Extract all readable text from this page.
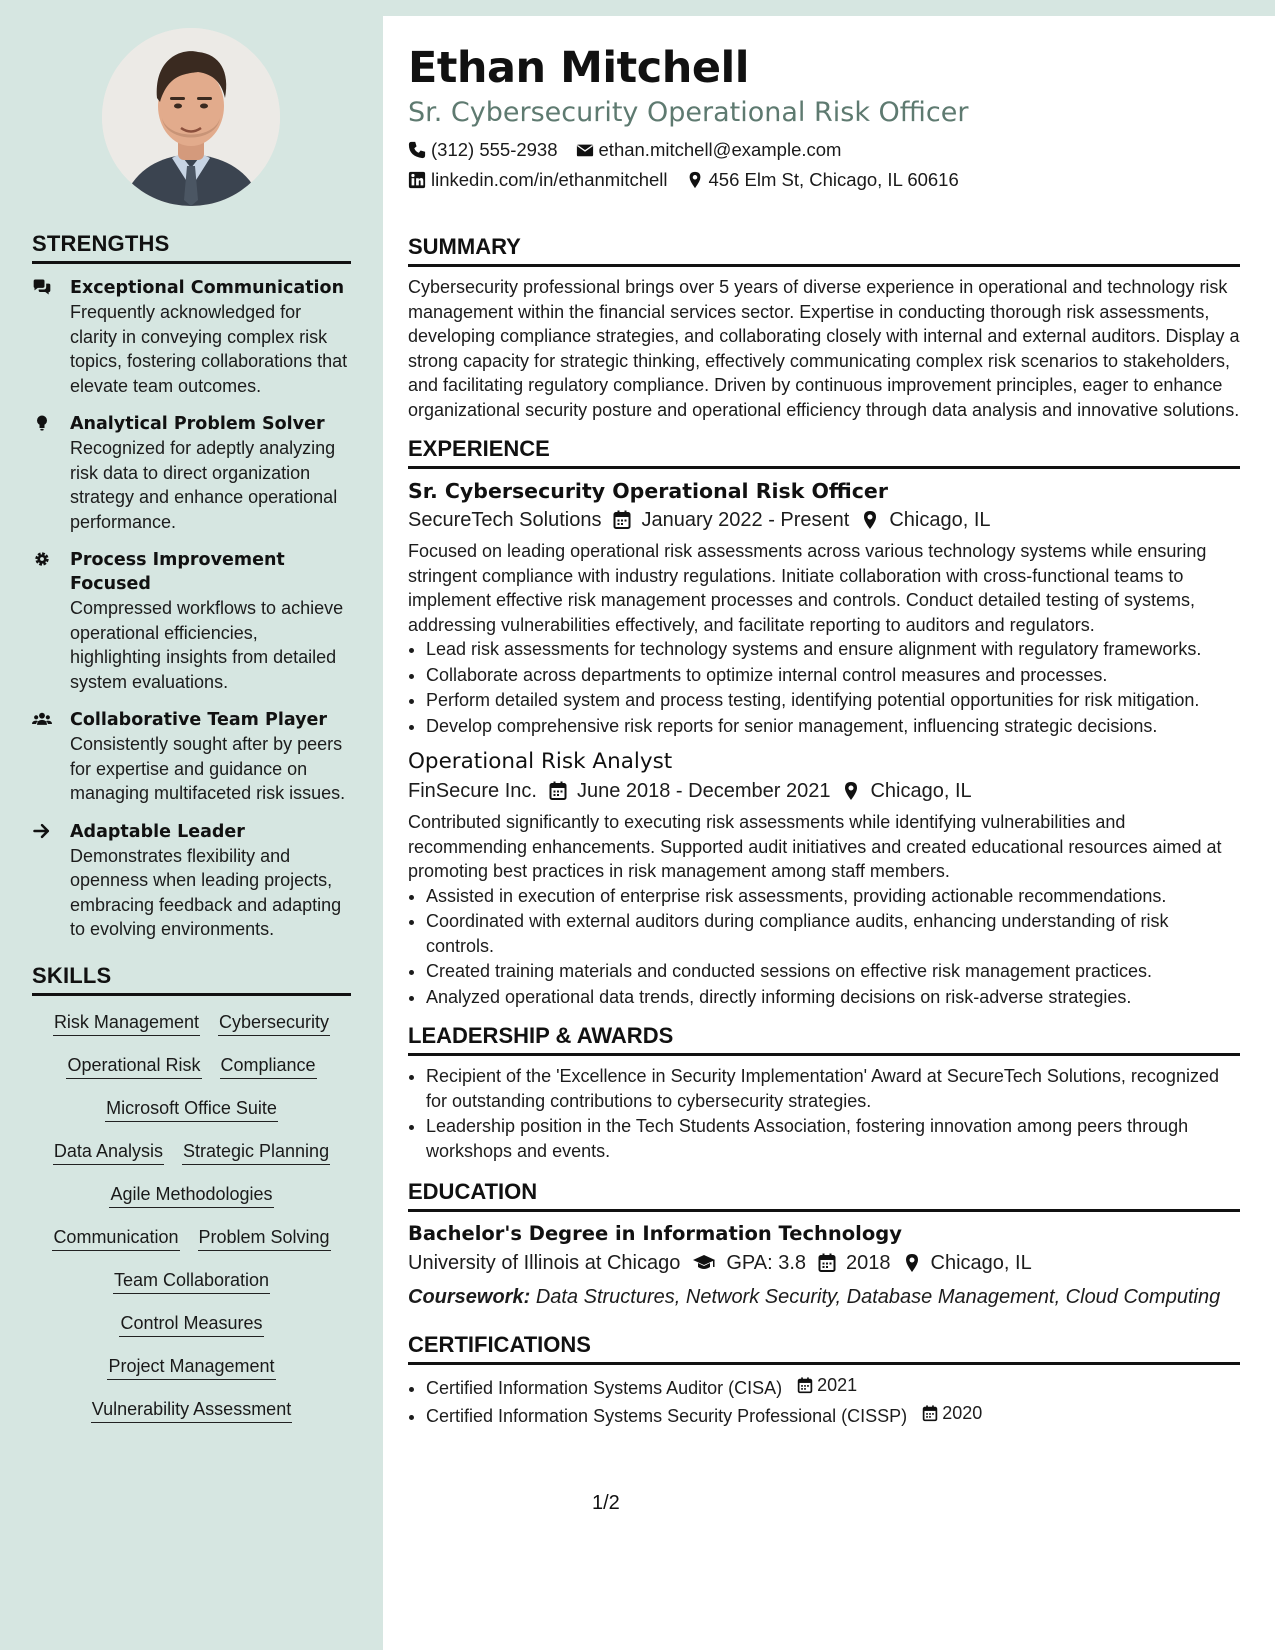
STRENGTHS
Exceptional Communication
Frequently acknowledged for clarity in conveying complex risk topics, fostering collaborations that elevate team outcomes.
Analytical Problem Solver
Recognized for adeptly analyzing risk data to direct organization strategy and enhance operational performance.
Process Improvement Focused
Compressed workflows to achieve operational efficiencies, highlighting insights from detailed system evaluations.
Collaborative Team Player
Consistently sought after by peers for expertise and guidance on managing multifaceted risk issues.
Adaptable Leader
Demonstrates flexibility and openness when leading projects, embracing feedback and adapting to evolving environments.
SKILLS
Risk Management Cybersecurity
Operational Risk Compliance
Microsoft Office Suite
Data Analysis Strategic Planning
Agile Methodologies
Communication Problem Solving
Team Collaboration
Control Measures
Project Management
Vulnerability Assessment
Ethan Mitchell
Sr. Cybersecurity Operational Risk Officer
(312) 555-2938 ethan.mitchell@example.com
linkedin.com/in/ethanmitchell 456 Elm St, Chicago, IL 60616
SUMMARY

Cybersecurity professional brings over 5 years of diverse experience in operational and technology risk management within the financial services sector. Expertise in conducting thorough risk assessments, developing compliance strategies, and collaborating closely with internal and external auditors. Display a strong capacity for strategic thinking, effectively communicating complex risk scenarios to stakeholders, and facilitating regulatory compliance. Driven by continuous improvement principles, eager to enhance organizational security posture and operational efficiency through data analysis and innovative solutions.

EXPERIENCE
Sr. Cybersecurity Operational Risk Officer
SecureTech Solutions January 2022 - Present Chicago, IL

Focused on leading operational risk assessments across various technology systems while ensuring stringent compliance with industry regulations. Initiate collaboration with cross-functional teams to implement effective risk management processes and controls. Conduct detailed testing of systems, addressing vulnerabilities effectively, and facilitate reporting to auditors and regulators.

• Lead risk assessments for technology systems and ensure alignment with regulatory frameworks.
• Collaborate across departments to optimize internal control measures and processes.
• Perform detailed system and process testing, identifying potential opportunities for risk mitigation.
• Develop comprehensive risk reports for senior management, influencing strategic decisions.
Operational Risk Analyst
FinSecure Inc. June 2018 - December 2021 Chicago, IL

Contributed significantly to executing risk assessments while identifying vulnerabilities and recommending enhancements. Supported audit initiatives and created educational resources aimed at promoting best practices in risk management among staff members.

• Assisted in execution of enterprise risk assessments, providing actionable recommendations.
• Coordinated with external auditors during compliance audits, enhancing understanding of risk controls.
• Created training materials and conducted sessions on effective risk management practices.
• Analyzed operational data trends, directly informing decisions on risk-adverse strategies.
LEADERSHIP & AWARDS
• Recipient of the 'Excellence in Security Implementation' Award at SecureTech Solutions, recognized for outstanding contributions to cybersecurity strategies.
• Leadership position in the Tech Students Association, fostering innovation among peers through workshops and events.
EDUCATION
Bachelor's Degree in Information Technology
University of Illinois at Chicago GPA: 3.8 2018 Chicago, IL
Coursework: Data Structures, Network Security, Database Management, Cloud Computing
CERTIFICATIONS
• Certified Information Systems Auditor (CISA) 2021
• Certified Information Systems Security Professional (CISSP) 2020
1/2
